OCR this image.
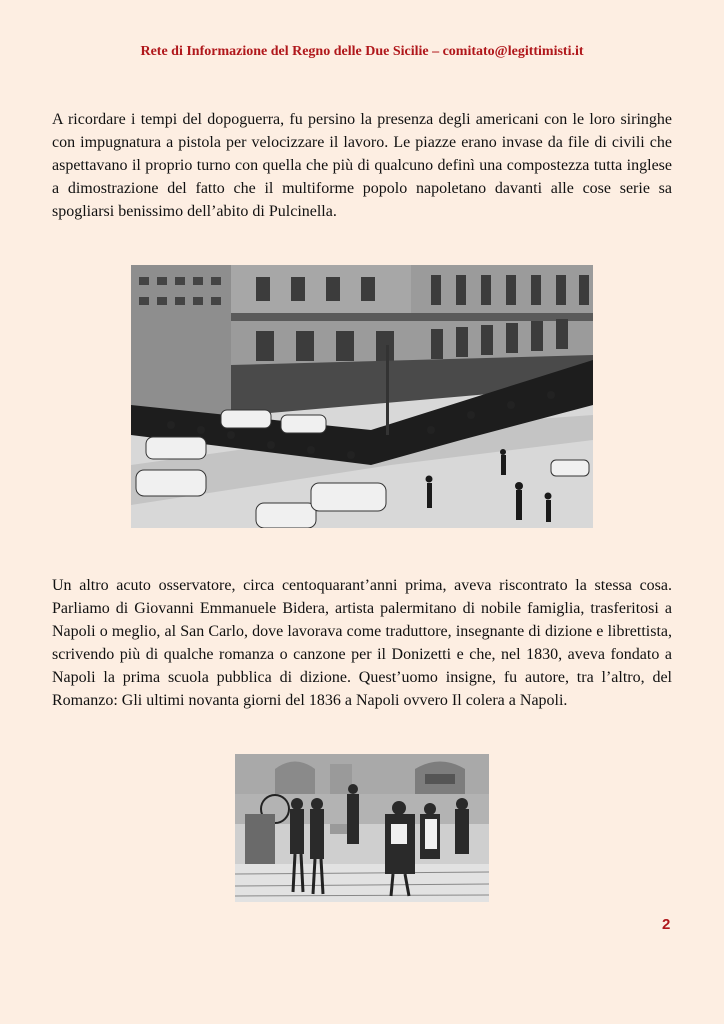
Rete di Informazione del Regno delle Due Sicilie – comitato@legittimisti.it

A ricordare i tempi del dopoguerra, fu persino la presenza degli americani con le loro siringhe con impugnatura a pistola per velocizzare il lavoro. Le piazze erano invase da file di civili che aspettavano il proprio turno con quella che più di qualcuno definì una compostezza tutta inglese a dimostrazione del fatto che il multiforme popolo napoletano davanti alle cose serie sa spogliarsi benissimo dell’abito di Pulcinella.

Un altro acuto osservatore, circa centoquarant’anni prima, aveva riscontrato la stessa cosa. Parliamo di Giovanni Emmanuele Bidera, artista palermitano di nobile famiglia, trasferitosi a Napoli o meglio, al San Carlo, dove lavorava come traduttore, insegnante di dizione e librettista, scrivendo più di qualche romanza o canzone per il Donizetti e che, nel 1830, aveva fondato a Napoli la prima scuola pubblica di dizione. Quest’uomo insigne, fu autore, tra l’altro, del Romanzo: Gli ultimi novanta giorni del 1836 a Napoli ovvero Il colera a Napoli.

2
